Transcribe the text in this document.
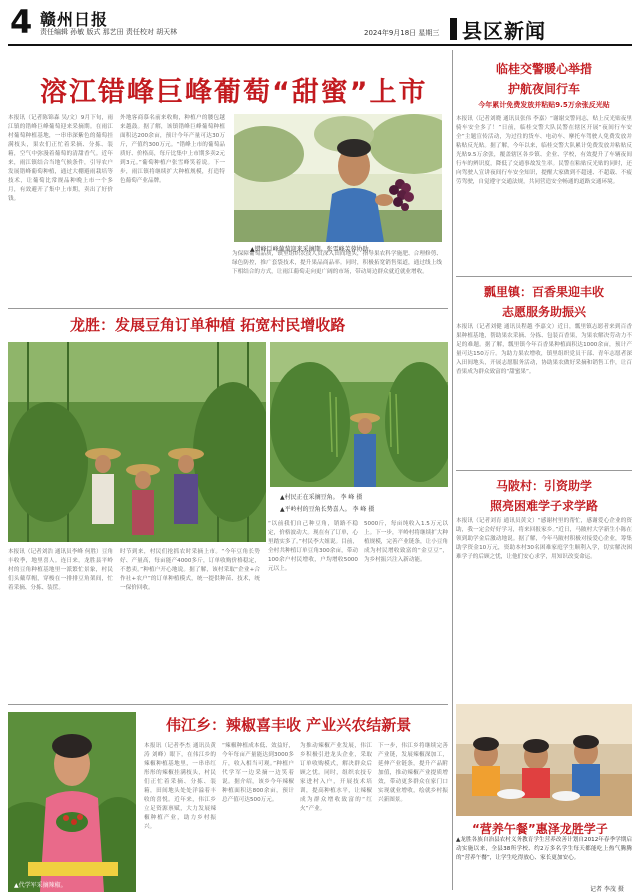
4 赣州日报
责任编辑 孙敏 版式 那艺田 责任校对 胡天林	2024年9月18日 星期三 县区新闻
溶江错峰巨峰葡萄“甜蜜”上市
本报讯（记者陈锦森 吴/文）9月下旬，雨江镇的错峰巨峰葡萄迎来采摘期。在雨江村葡萄种植基地，一串串深紫色的葡萄挂满枝头，果农们正忙着采摘、分拣、装箱，空气中弥漫着葡萄的清甜香气。近年来，雨江镇结合当地气候条件，引导农户发展错峰葡萄种植，通过大棚避雨栽培等技术，让葡萄比常规品种晚上市一个多月，有效避开了集中上市期，卖出了好价钱。
外地客商慕名前来收购，种植户的腰包越来越鼓。据了解，该镇错峰巨峰葡萄种植面积达200余亩，预计今年产量可达30万斤，产值约300万元。“错峰上市的葡萄品质好、价格高，每斤比集中上市期多卖2元到3元。”葡萄种植户张雪峰笑着说。下一步，雨江镇将继续扩大种植规模，打造特色葡萄产业品牌。
为保障葡萄品质，镇里组织农技人员深入田间地头，指导果农科学施肥、合理修剪、绿色防控，推广套袋技术，提升果品商品率。同时，积极拓宽销售渠道，通过线上线下相结合的方式，让雨江葡萄走向更广阔的市场，带动周边群众就近就业增收。
▲错峰巨峰葡萄迎来采摘期。张雪峰芙蓉协助。
龙胜：发展豆角订单种植 拓宽村民增收路
▲村民正在采摘豆角。 李 峰 摄
▲平岭村的豆角长势喜人。 李 峰 摄
本报讯（记者刘浩 通讯员李峰 何胜）豆角丰收季，地里喜人。连日来，龙胜县平岭村的豆角种植基地里一派繁忙景象，村民们头戴草帽，穿梭在一排排豆角架间，忙着采摘、分拣、装筐。
时节到来，村民们抢抓农时采摘上市。“今年豆角长势好、产量高，每亩能产4000多斤，订单收购价格稳定，不愁卖。”种植户开心地说。据了解，该村采取“企业+合作社+农户”的订单种植模式，统一提供种苗、技术，统一保价回收。
“以前我们自己种豆角，销路不稳定，价格波动大。现在有了订单，心里踏实多了。”村民李大姐说。目前，全村共种植订单豆角300余亩，带动100余户村民增收，户均增收5000元以上。
5000斤，每亩纯收入1.5万元以上。下一步，平岭村将继续扩大种植规模，完善产业链条，让小豆角成为村民增收致富的“金豆豆”，为乡村振兴注入新动能。
▲代学军采摘辣椒。
伟江乡：辣椒喜丰收 产业兴农结新景
本报讯（记者李杰 通讯员黄涛 刘峰）眼下，在伟江乡的辣椒种植基地里，一串串红彤彤的辣椒挂满枝头，村民们正忙着采摘、分拣、装箱，田间地头处处洋溢着丰收的喜悦。近年来，伟江乡立足资源禀赋，大力发展辣椒种植产业，助力乡村振兴。
“辣椒种植成本低、效益好，今年每亩产量能达到3000多斤，收入相当可观。”种植户代学军一边采摘一边笑着说。据介绍，该乡今年辣椒种植面积达800余亩，预计总产值可达500万元。
为推动辣椒产业发展，伟江乡积极引进龙头企业，采取订单收购模式，解决群众后顾之忧。同时，组织农技专家进村入户，开展技术培训，提高种植水平，让辣椒成为群众增收致富的“红火”产业。
下一步，伟江乡将继续完善产业链，发展辣椒深加工，延伸产业链条，提升产品附加值，推动辣椒产业提质增效，带动更多群众在家门口实现就业增收，绘就乡村振兴新图景。
临桂交警暖心举措
护航夜间行车
今年累计免费发放并粘贴9.5万余张反光贴
本报讯（记者刘晓 通讯员张伟 李嘉）“谢谢交警同志，贴上反光贴夜里骑车安全多了！”日前，临桂交警大队民警在辖区开展“夜间行车安全”主题宣传活动，为过往的货车、电动车、摩托车驾驶人免费发放并粘贴反光贴。据了解，今年以来，临桂交警大队累计免费发放并粘贴反光贴9.5万余张，覆盖辖区各乡镇、企业、学校，有效提升了车辆夜间行车的辨识度，降低了交通事故发生率。民警在粘贴反光贴的同时，还向驾驶人宣讲夜间行车安全知识，提醒大家做到不超速、不超载、不疲劳驾驶，自觉遵守交通法规，共同营造安全畅通的道路交通环境。
瓢里镇：百香果迎丰收
志愿服务助振兴
本报讯（记者刘健 通讯员程越 李嘉文）近日，瓢里镇志愿者来到百香果种植基地，帮助果农采摘、分拣、包装百香果，为果农解决劳动力不足的难题。据了解，瓢里镇今年百香果种植面积达1000余亩，预计产量可达150万斤。为助力果农增收，镇里组织党员干部、青年志愿者深入田间地头，开展志愿服务活动，协助果农做好采摘和销售工作，让百香果成为群众致富的“甜蜜果”。
马陂村：引资助学
照亮困难学子求学路
本报讯（记者刘育 通讯员黄文）“感谢村里的帮忙，感谢爱心企业的资助，我一定会好好学习，将来回报家乡。”近日，马陂村大学新生小陈在领到助学金后激动地说。据了解，今年马陂村积极对接爱心企业，筹集助学资金10万元，资助本村30名困难家庭学生顺利入学，切实解决困难学子的后顾之忧，让他们安心求学，用知识改变命运。
“营养午餐”惠泽龙胜学子
▲龙胜各族自治县农村义务教育学生营养改善计划自2012年春季学期启动实施以来，全县38所学校、约2万多名学生每天都能吃上热气腾腾的“营养午餐”，让学生吃得放心、家长更加安心。
记者 李茂 摄
